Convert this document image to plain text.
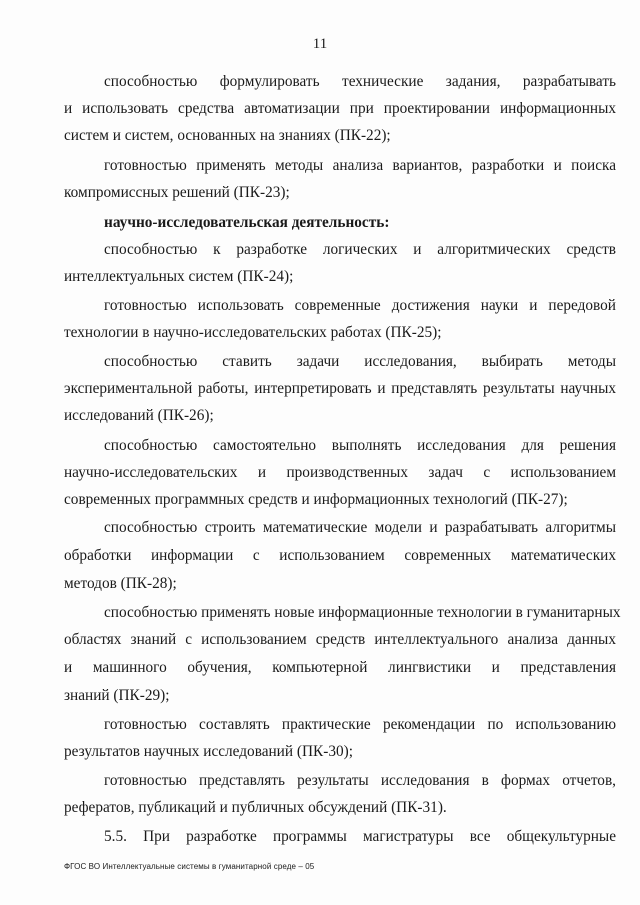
11
способностью формулировать технические задания, разрабатывать
и использовать средства автоматизации при проектировании информационных
систем и систем, основанных на знаниях (ПК-22);
готовностью применять методы анализа вариантов, разработки и поиска
компромиссных решений (ПК-23);
научно-исследовательская деятельность:
способностью к разработке логических и алгоритмических средств
интеллектуальных систем (ПК-24);
готовностью использовать современные достижения науки и передовой
технологии в научно-исследовательских работах (ПК-25);
способностью ставить задачи исследования, выбирать методы
экспериментальной работы, интерпретировать и представлять результаты научных
исследований (ПК-26);
способностью самостоятельно выполнять исследования для решения
научно-исследовательских и производственных задач с использованием
современных программных средств и информационных технологий (ПК-27);
способностью строить математические модели и разрабатывать алгоритмы
обработки информации с использованием современных математических
методов (ПК-28);
способностью применять новые информационные технологии в гуманитарных
областях знаний с использованием средств интеллектуального анализа данных
и машинного обучения, компьютерной лингвистики и представления
знаний (ПК-29);
готовностью составлять практические рекомендации по использованию
результатов научных исследований (ПК-30);
готовностью представлять результаты исследования в формах отчетов,
рефератов, публикаций и публичных обсуждений (ПК-31).
5.5. При разработке программы магистратуры все общекультурные
ФГОС ВО Интеллектуальные системы в гуманитарной среде – 05
